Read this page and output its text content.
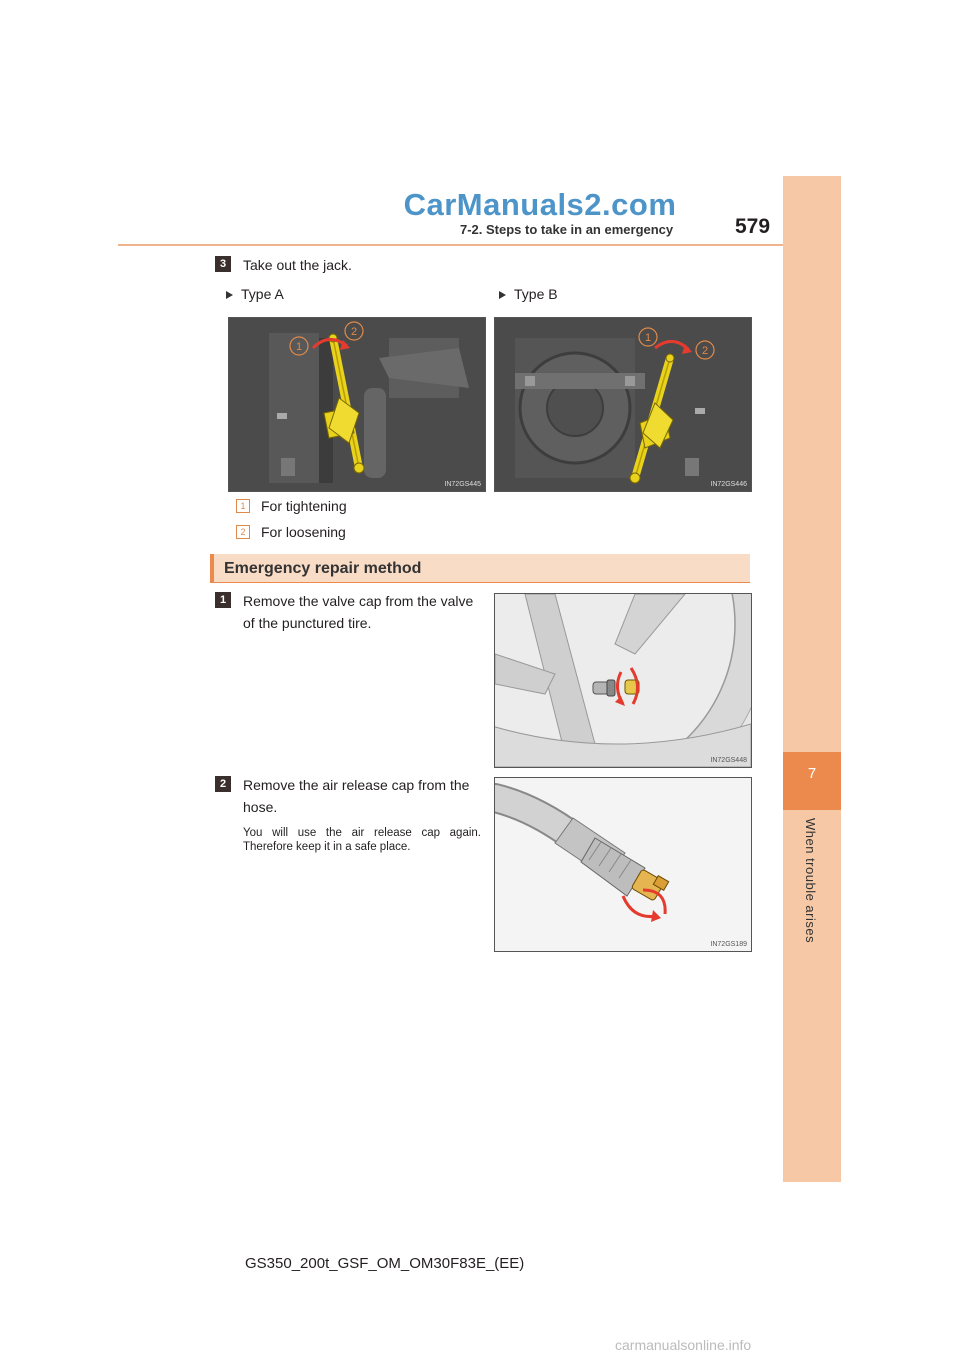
7
When trouble arises
CarManuals2.com
7-2. Steps to take in an emergency	579
3	Take out the jack.
Type A	Type B
1
2
IN72GS445
1
2
IN72GS446
1	For tightening
2	For loosening
Emergency repair method
1	Remove the valve cap from the valve of the punctured tire.
IN72GS448
2	Remove the air release cap from the hose.
You will use the air release cap again. Therefore keep it in a safe place.
IN72GS189
GS350_200t_GSF_OM_OM30F83E_(EE)
carmanualsonline.info
